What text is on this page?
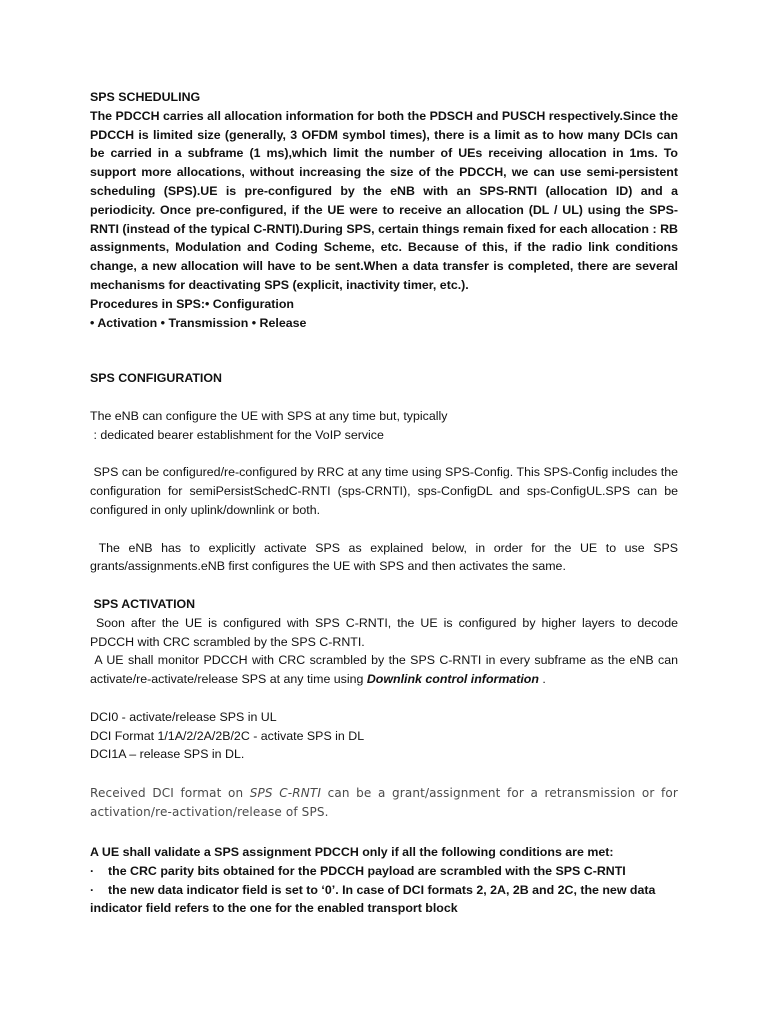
SPS SCHEDULING

The PDCCH carries all allocation information for both the PDSCH and PUSCH respectively.Since the PDCCH is limited size (generally, 3 OFDM symbol times), there is a limit as to how many DCIs can be carried in a subframe (1 ms),which limit the number of UEs receiving allocation in 1ms. To support more allocations, without increasing the size of the PDCCH, we can use semi-persistent scheduling (SPS).UE is pre-configured by the eNB with an SPS-RNTI (allocation ID) and a periodicity. Once pre-configured, if the UE were to receive an allocation (DL / UL) using the SPS-RNTI (instead of the typical C-RNTI).During SPS, certain things remain fixed for each allocation : RB assignments, Modulation and Coding Scheme, etc. Because of this, if the radio link conditions change, a new allocation will have to be sent.When a data transfer is completed, there are several mechanisms for deactivating SPS (explicit, inactivity timer, etc.).

Procedures in SPS:• Configuration
• Activation • Transmission • Release
SPS CONFIGURATION
The eNB can configure the UE with SPS at any time but, typically
: dedicated bearer establishment for the VoIP service

SPS can be configured/re-configured by RRC at any time using SPS-Config. This SPS-Config includes the configuration for semiPersistSchedC-RNTI (sps-CRNTI), sps-ConfigDL and sps-ConfigUL.SPS can be configured in only uplink/downlink or both.

The eNB has to explicitly activate SPS as explained below, in order for the UE to use SPS grants/assignments.eNB first configures the UE with SPS and then activates the same.

SPS ACTIVATION

Soon after the UE is configured with SPS C-RNTI, the UE is configured by higher layers to decode PDCCH with CRC scrambled by the SPS C-RNTI.

A UE shall monitor PDCCH with CRC scrambled by the SPS C-RNTI in every subframe as the eNB can activate/re-activate/release SPS at any time using Downlink control information .

DCI0 - activate/release SPS in UL
DCI Format 1/1A/2/2A/2B/2C - activate SPS in DL
DCI1A – release SPS in DL.

Received DCI format on SPS C-RNTI can be a grant/assignment for a retransmission or for activation/re-activation/release of SPS.

A UE shall validate a SPS assignment PDCCH only if all the following conditions are met:
·	the CRC parity bits obtained for the PDCCH payload are scrambled with the SPS C-RNTI
· the new data indicator field is set to ‘0’. In case of DCI formats 2, 2A, 2B and 2C, the new data indicator field refers to the one for the enabled transport block
